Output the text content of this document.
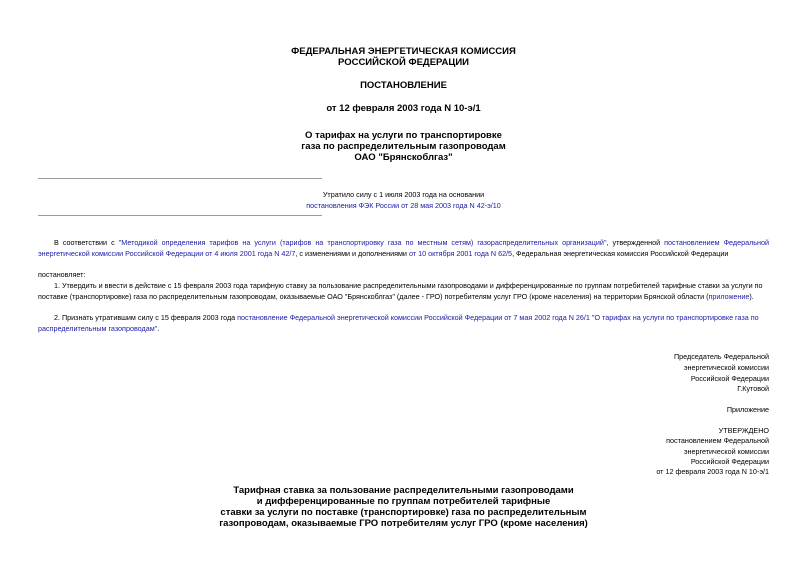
ФЕДЕРАЛЬНАЯ ЭНЕРГЕТИЧЕСКАЯ КОМИССИЯ
РОССИЙСКОЙ ФЕДЕРАЦИИ
ПОСТАНОВЛЕНИЕ
от 12 февраля 2003 года N 10-э/1
О тарифах на услуги по транспортировке
газа по распределительным газопроводам
ОАО "Брянскоблгаз"
Утратило силу с 1 июля 2003 года на основании
постановления ФЭК России от 28 мая 2003 года N 42-э/10
В соответствии с "Методикой определения тарифов на услуги (тарифов на транспортировку газа по местным сетям) газораспределительных организаций", утвержденной постановлением Федеральной энергетической комиссии Российской Федерации от 4 июля 2001 года N 42/7, с изменениями и дополнениями от 10 октября 2001 года N 62/5, Федеральная энергетическая комиссия Российской Федерации
постановляет:
1. Утвердить и ввести в действие с 15 февраля 2003 года тарифную ставку за пользование распределительными газопроводами и дифференцированные по группам потребителей тарифные ставки за услуги по поставке (транспортировке) газа по распределительным газопроводам, оказываемые ОАО "Брянскоблгаз" (далее - ГРО) потребителям услуг ГРО (кроме населения) на территории Брянской области (приложение).
2. Признать утратившим силу с 15 февраля 2003 года постановление Федеральной энергетической комиссии Российской Федерации от 7 мая 2002 года N 26/1 "О тарифах на услуги по транспортировке газа по распределительным газопроводам".
Председатель Федеральной
энергетической комиссии
Российской Федерации
Г.Кутовой
Приложение
УТВЕРЖДЕНО
постановлением Федеральной
энергетической комиссии
Российской Федерации
от 12 февраля 2003 года N 10-э/1
Тарифная ставка за пользование распределительными газопроводами
и дифференцированные по группам потребителей тарифные
ставки за услуги по поставке (транспортировке) газа по распределительным
газопроводам, оказываемые ГРО потребителям услуг ГРО (кроме населения)
